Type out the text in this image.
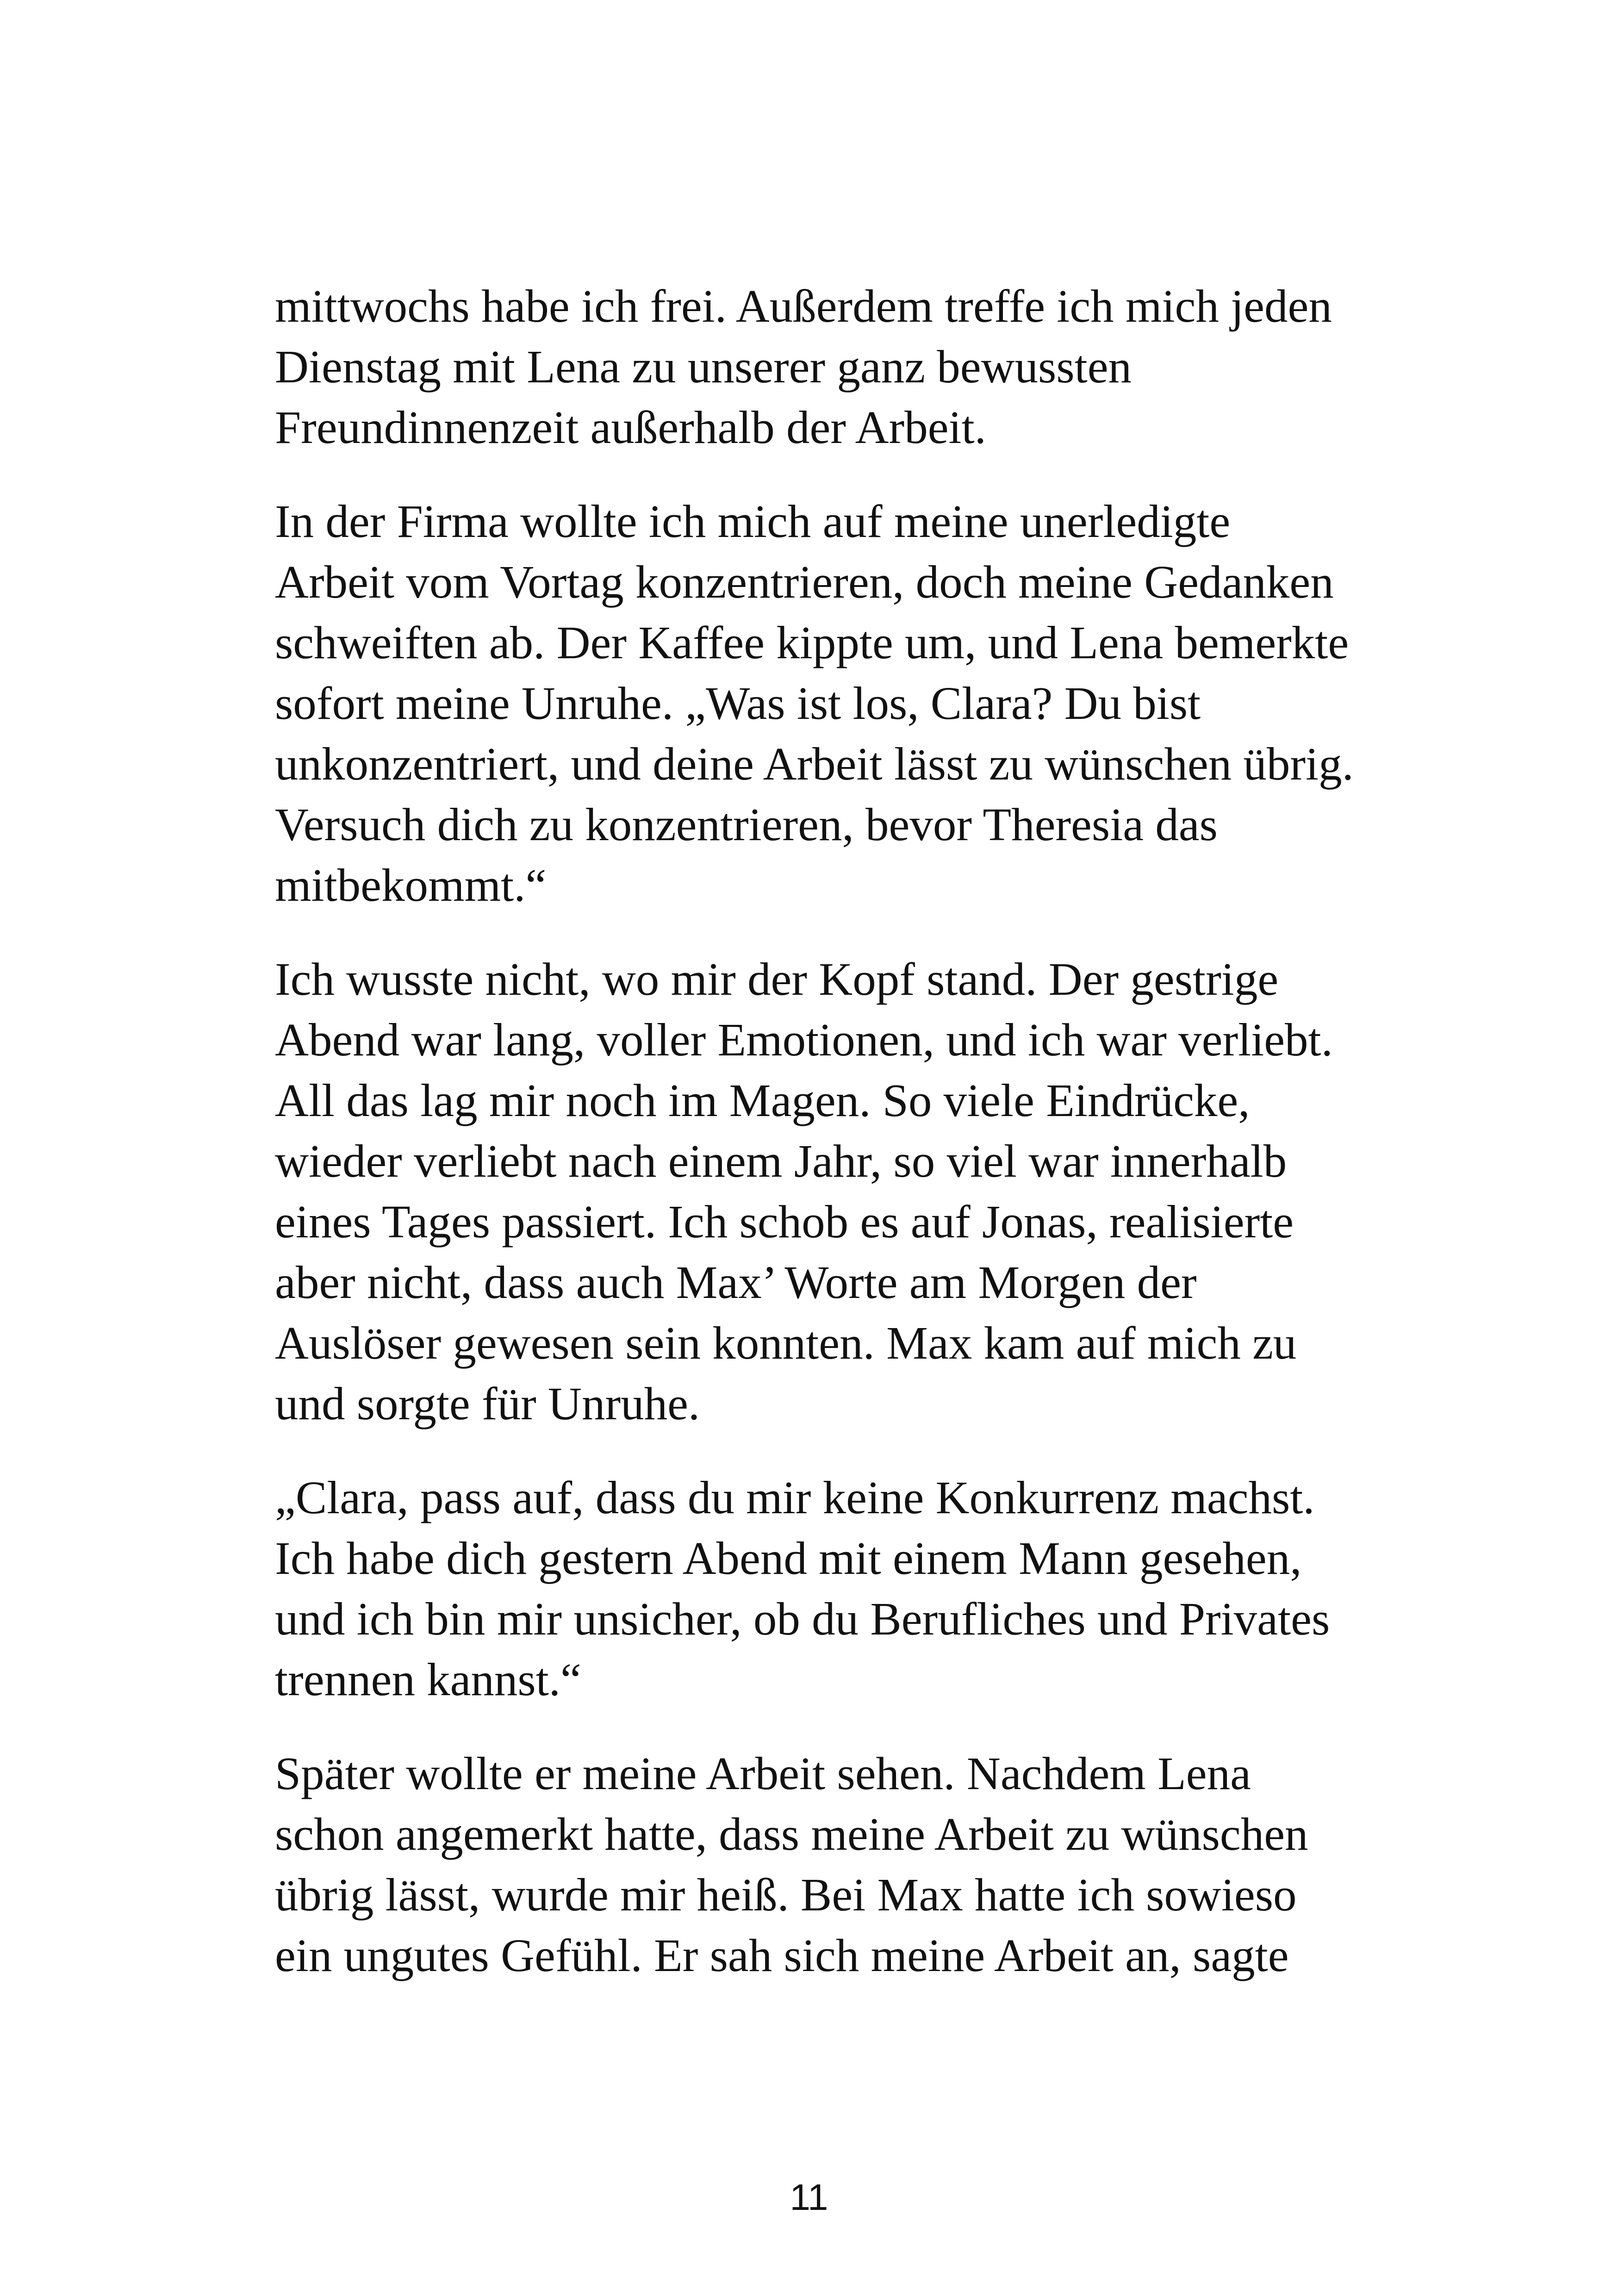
mittwochs habe ich frei. Außerdem treffe ich mich jeden Dienstag mit Lena zu unserer ganz bewussten Freundinnenzeit außerhalb der Arbeit.

In der Firma wollte ich mich auf meine unerledigte Arbeit vom Vortag konzentrieren, doch meine Gedanken schweiften ab. Der Kaffee kippte um, und Lena bemerkte sofort meine Unruhe. „Was ist los, Clara? Du bist unkonzentriert, und deine Arbeit lässt zu wünschen übrig. Versuch dich zu konzentrieren, bevor Theresia das mitbekommt.“

Ich wusste nicht, wo mir der Kopf stand. Der gestrige Abend war lang, voller Emotionen, und ich war verliebt. All das lag mir noch im Magen. So viele Eindrücke, wieder verliebt nach einem Jahr, so viel war innerhalb eines Tages passiert. Ich schob es auf Jonas, realisierte aber nicht, dass auch Max’ Worte am Morgen der Auslöser gewesen sein konnten. Max kam auf mich zu und sorgte für Unruhe.

„Clara, pass auf, dass du mir keine Konkurrenz machst. Ich habe dich gestern Abend mit einem Mann gesehen, und ich bin mir unsicher, ob du Berufliches und Privates trennen kannst.“

Später wollte er meine Arbeit sehen. Nachdem Lena schon angemerkt hatte, dass meine Arbeit zu wünschen übrig lässt, wurde mir heiß. Bei Max hatte ich sowieso ein ungutes Gefühl. Er sah sich meine Arbeit an, sagte

11
